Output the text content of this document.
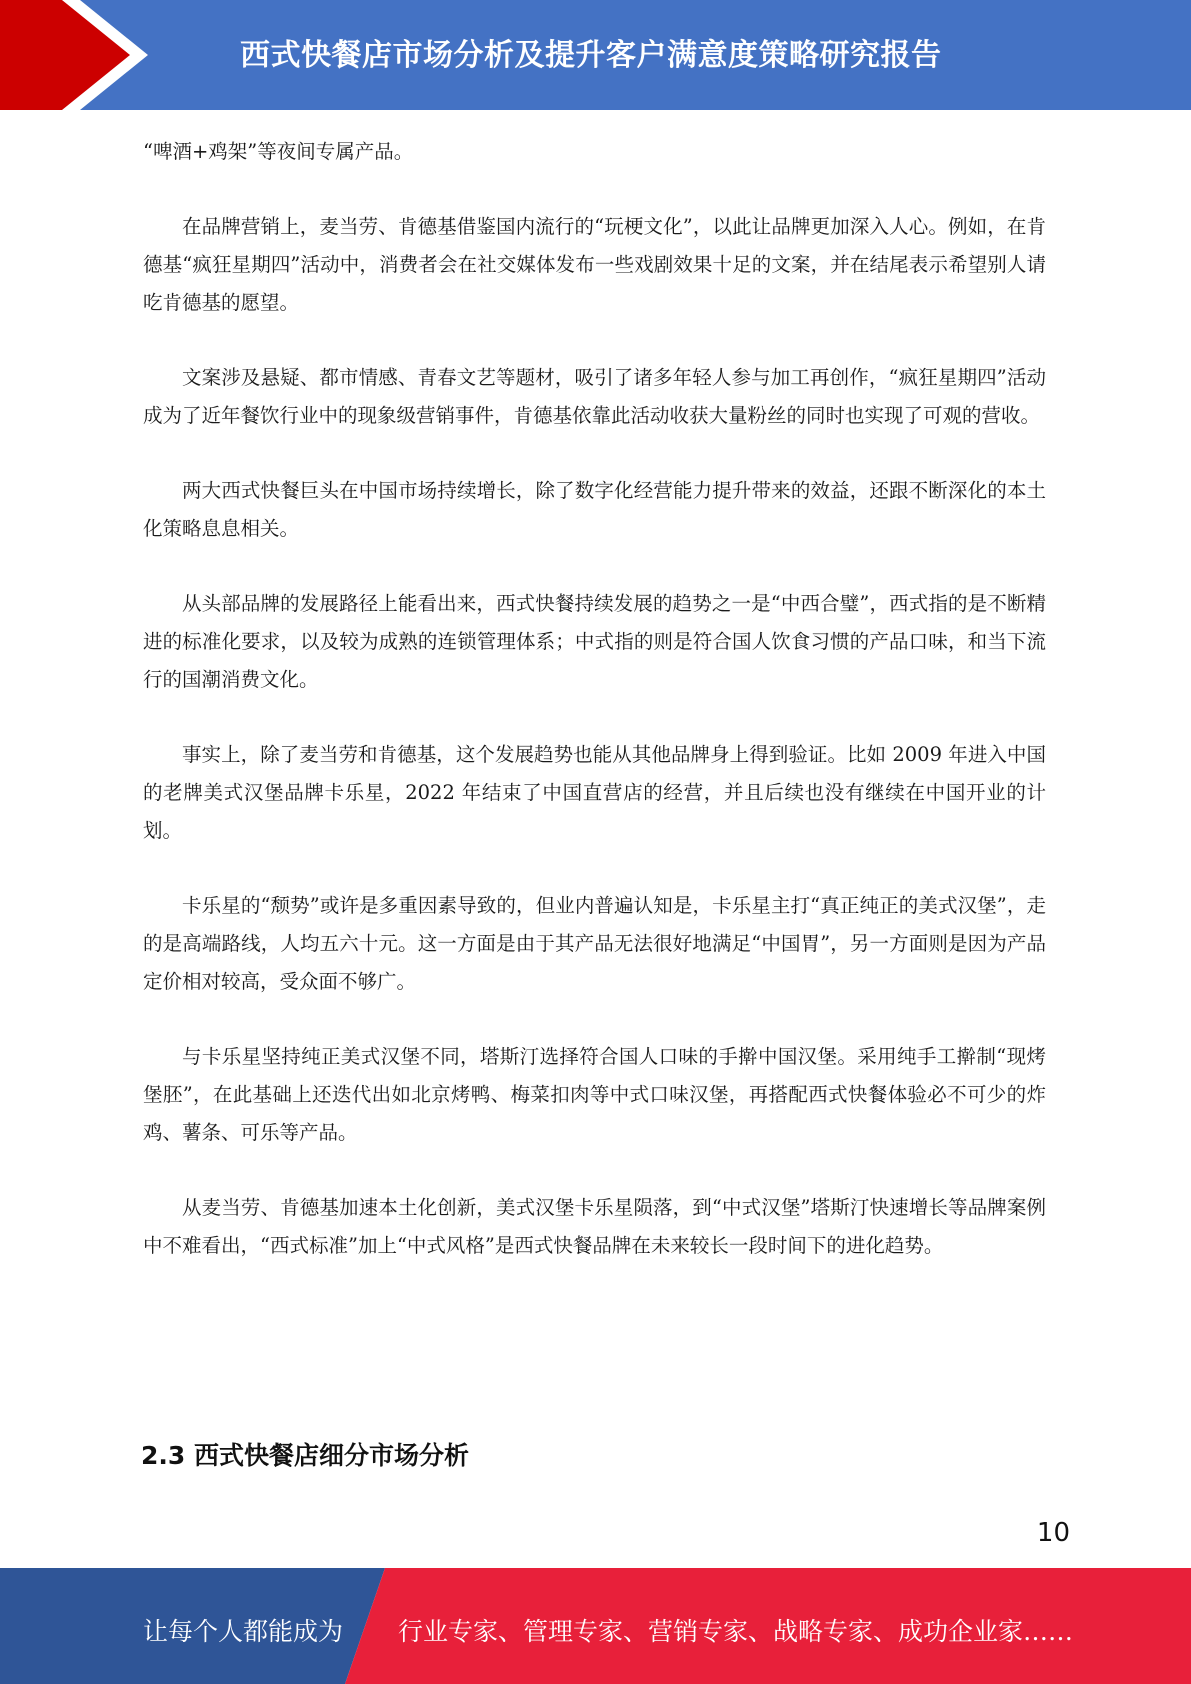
西式快餐店市场分析及提升客户满意度策略研究报告

“啤酒+鸡架”等夜间专属产品。

在品牌营销上，麦当劳、肯德基借鉴国内流行的“玩梗文化”，以此让品牌更加深入人心。例如，在肯德基“疯狂星期四”活动中，消费者会在社交媒体发布一些戏剧效果十足的文案，并在结尾表示希望别人请吃肯德基的愿望。

文案涉及悬疑、都市情感、青春文艺等题材，吸引了诸多年轻人参与加工再创作，“疯狂星期四”活动成为了近年餐饮行业中的现象级营销事件，肯德基依靠此活动收获大量粉丝的同时也实现了可观的营收。

两大西式快餐巨头在中国市场持续增长，除了数字化经营能力提升带来的效益，还跟不断深化的本土化策略息息相关。

从头部品牌的发展路径上能看出来，西式快餐持续发展的趋势之一是“中西合璧”，西式指的是不断精进的标准化要求，以及较为成熟的连锁管理体系；中式指的则是符合国人饮食习惯的产品口味，和当下流行的国潮消费文化。

事实上，除了麦当劳和肯德基，这个发展趋势也能从其他品牌身上得到验证。比如 2009 年进入中国的老牌美式汉堡品牌卡乐星，2022 年结束了中国直营店的经营，并且后续也没有继续在中国开业的计划。

卡乐星的“颓势”或许是多重因素导致的，但业内普遍认知是，卡乐星主打“真正纯正的美式汉堡”，走的是高端路线，人均五六十元。这一方面是由于其产品无法很好地满足“中国胃”，另一方面则是因为产品定价相对较高，受众面不够广。

与卡乐星坚持纯正美式汉堡不同，塔斯汀选择符合国人口味的手擀中国汉堡。采用纯手工擀制“现烤堡胚”，在此基础上还迭代出如北京烤鸭、梅菜扣肉等中式口味汉堡，再搭配西式快餐体验必不可少的炸鸡、薯条、可乐等产品。

从麦当劳、肯德基加速本土化创新，美式汉堡卡乐星陨落，到“中式汉堡”塔斯汀快速增长等品牌案例中不难看出，“西式标准”加上“中式风格”是西式快餐品牌在未来较长一段时间下的进化趋势。

2.3 西式快餐店细分市场分析
10
让每个人都能成为 行业专家、管理专家、营销专家、战略专家、成功企业家……
